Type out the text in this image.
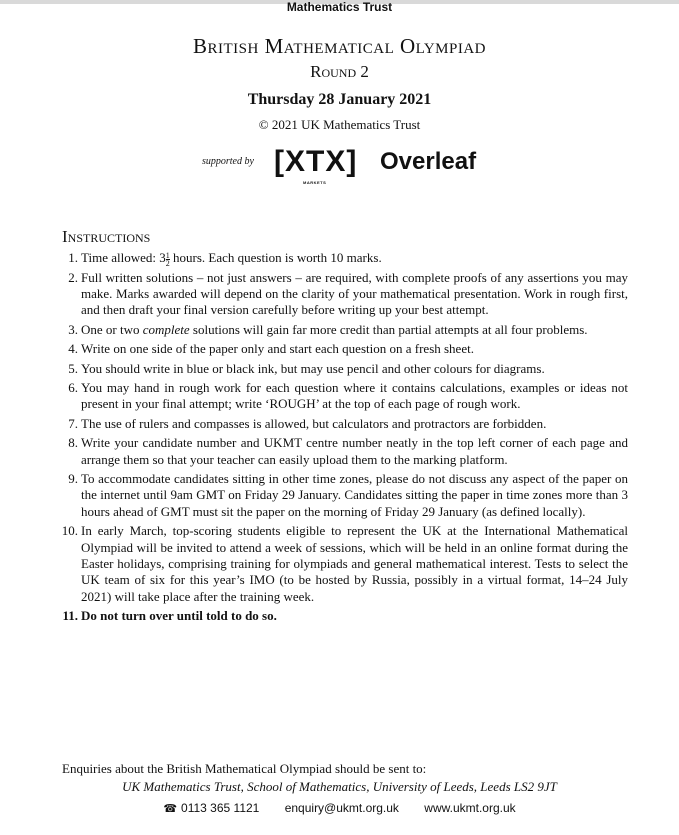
Mathematics Trust
British Mathematical Olympiad
Round 2
Thursday 28 January 2021
© 2021 UK Mathematics Trust
supported by [XTX]
MARKETS
Overleaf
Instructions
1. Time allowed: $3 \frac{1}{2}$ hours. Each question is worth 10 marks.
2. Full written solutions – not just answers – are required, with complete proofs of any assertions you may make. Marks awarded will depend on the clarity of your mathematical presentation. Work in rough first, and then draft your final version carefully before writing up your best attempt.
3. One or two complete solutions will gain far more credit than partial attempts at all four problems.
4. Write on one side of the paper only and start each question on a fresh sheet.
5. You should write in blue or black ink, but may use pencil and other colours for diagrams.
6. You may hand in rough work for each question where it contains calculations, examples or ideas not present in your final attempt; write ‘ROUGH’ at the top of each page of rough work.
7. The use of rulers and compasses is allowed, but calculators and protractors are forbidden.
8. Write your candidate number and UKMT centre number neatly in the top left corner of each page and arrange them so that your teacher can easily upload them to the marking platform.
9. To accommodate candidates sitting in other time zones, please do not discuss any aspect of the paper on the internet until 9am GMT on Friday 29 January. Candidates sitting the paper in time zones more than 3 hours ahead of GMT must sit the paper on the morning of Friday 29 January (as defined locally).
10. In early March, top-scoring students eligible to represent the UK at the International Mathematical Olympiad will be invited to attend a week of sessions, which will be held in an online format during the Easter holidays, comprising training for olympiads and general mathematical interest. Tests to select the UK team of six for this year’s IMO (to be hosted by Russia, possibly in a virtual format, 14–24 July 2021) will take place after the training week.
11. Do not turn over until told to do so.
Enquiries about the British Mathematical Olympiad should be sent to:
UK Mathematics Trust, School of Mathematics, University of Leeds, Leeds LS2 9JT
☎ 0113 365 1121 enquiry@ukmt.org.uk www.ukmt.org.uk
